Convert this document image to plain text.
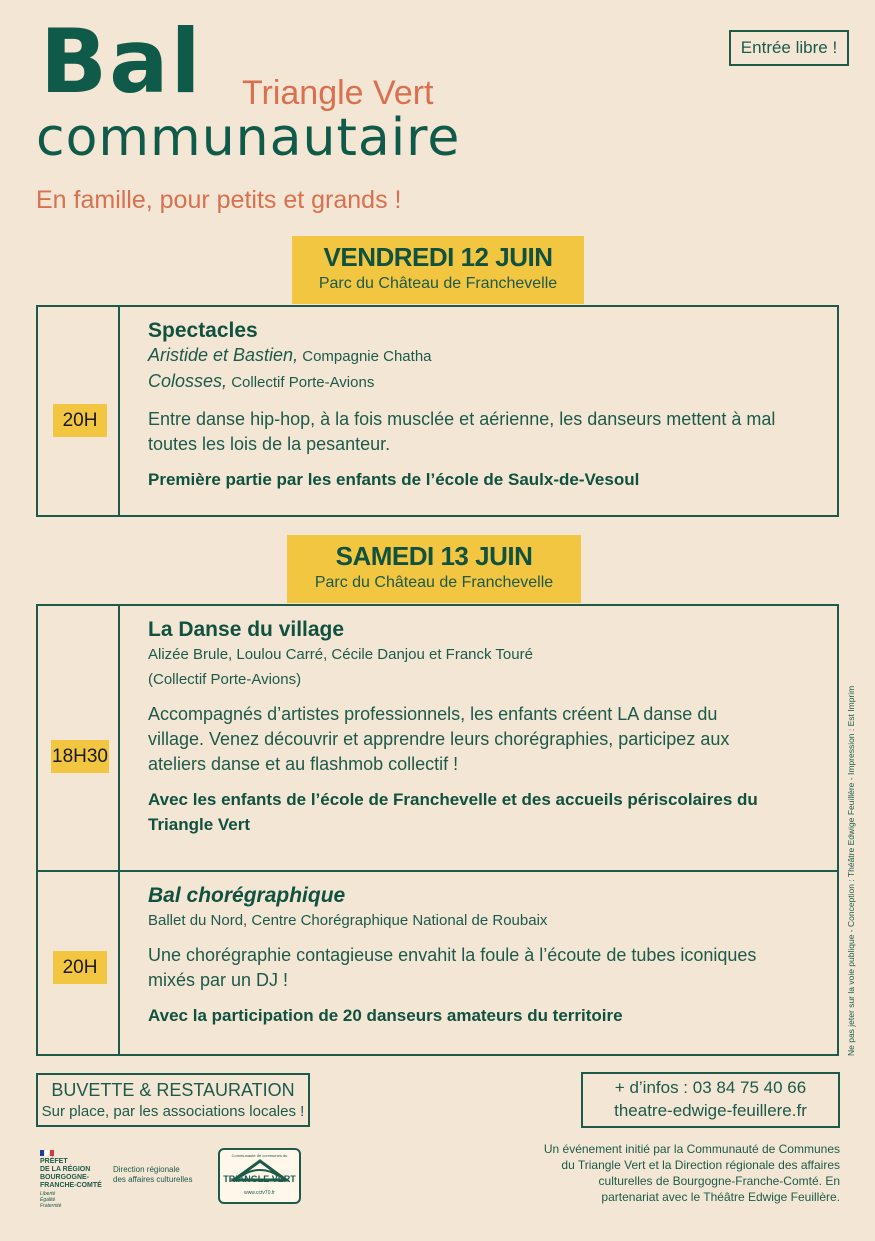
Bal
communautaire
Triangle Vert
En famille, pour petits et grands !
Entrée libre !
VENDREDI 12 JUIN
Parc du Château de Franchevelle
20H
Spectacles
Aristide et Bastien, Compagnie Chatha
Colosses, Collectif Porte-Avions
Entre danse hip-hop, à la fois musclée et aérienne, les danseurs mettent à mal
toutes les lois de la pesanteur.
Première partie par les enfants de l’école de Saulx-de-Vesoul
SAMEDI 13 JUIN
Parc du Château de Franchevelle
18H30
La Danse du village
Alizée Brule, Loulou Carré, Cécile Danjou et Franck Touré
(Collectif Porte-Avions)
Accompagnés d’artistes professionnels, les enfants créent LA danse du
village. Venez découvrir et apprendre leurs chorégraphies, participez aux
ateliers danse et au flashmob collectif !
Avec les enfants de l’école de Franchevelle et des accueils périscolaires du
Triangle Vert
20H
Bal chorégraphique
Ballet du Nord, Centre Chorégraphique National de Roubaix
Une chorégraphie contagieuse envahit la foule à l’écoute de tubes iconiques
mixés par un DJ !
Avec la participation de 20 danseurs amateurs du territoire	Ne pas jeter sur la voie publique - Conception : Théâtre Edwige Feuillère - Impression : Est Imprim
BUVETTE & RESTAURATION
Sur place, par les associations locales !
+ d’infos : 03 84 75 40 66
theatre-edwige-feuillere.fr
PRÉFET
DE LA RÉGION
BOURGOGNE-
FRANCHE-COMTÉ
Liberté Égalité Fraternité
Direction régionale
des affaires culturelles
Communauté de communes du
TRIANGLE VERT
www.cctv70.fr
Un événement initié par la Communauté de Communes
du Triangle Vert et la Direction régionale des affaires
culturelles de Bourgogne-Franche-Comté. En
partenariat avec le Théâtre Edwige Feuillère.
